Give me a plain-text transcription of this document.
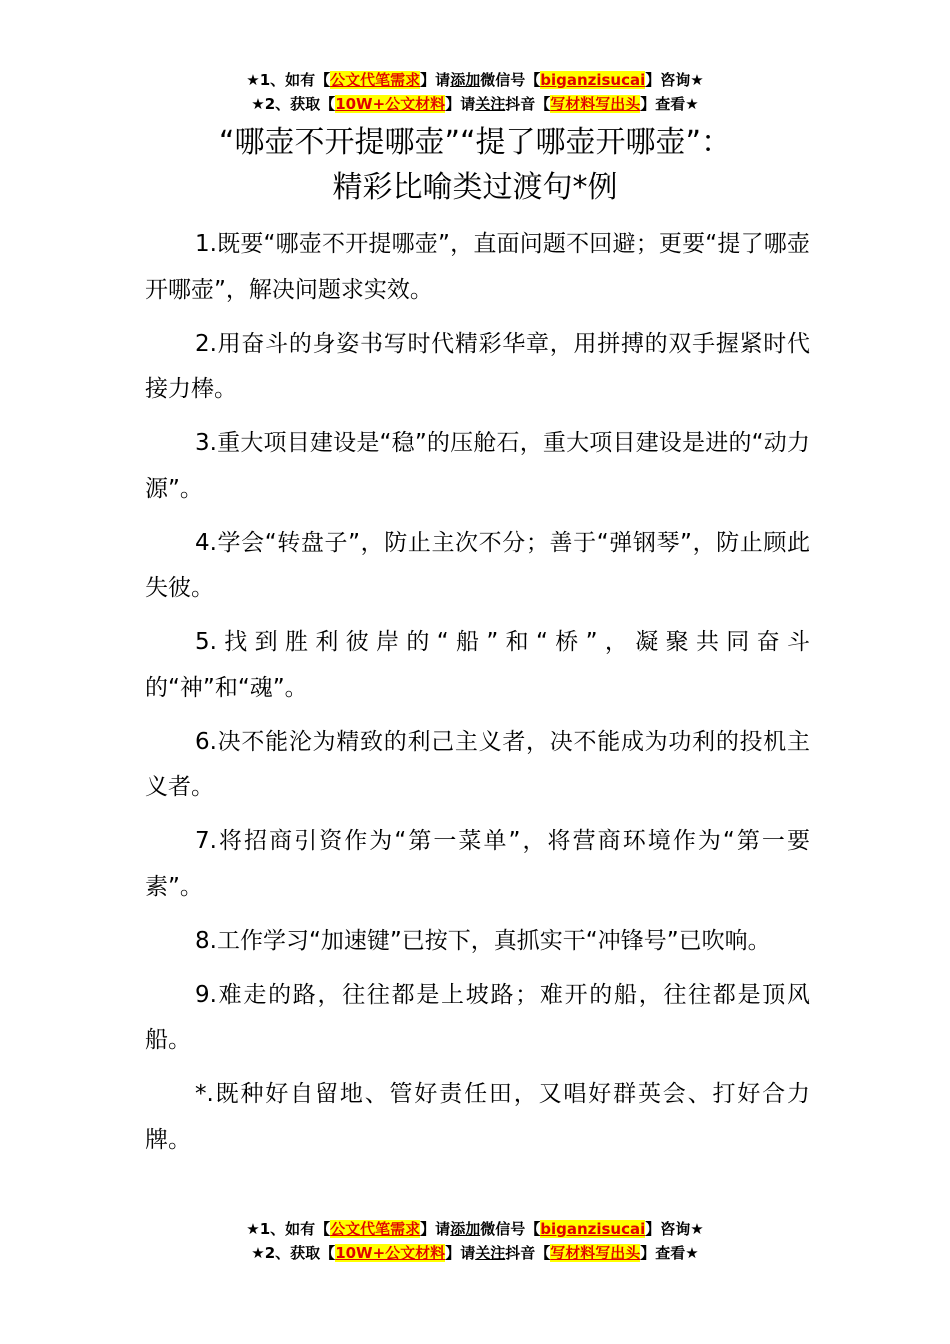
★1、如有【公文代笔需求】请添加微信号【biganzisucai】咨询★
★2、获取【10W+公文材料】请关注抖音【写材料写出头】查看★
“哪壶不开提哪壶”“提了哪壶开哪壶”：
精彩比喻类过渡句*例

1.既要“哪壶不开提哪壶”，直面问题不回避；更要“提了哪壶开哪壶”，解决问题求实效。

2.用奋斗的身姿书写时代精彩华章，用拼搏的双手握紧时代接力棒。

3.重大项目建设是“稳”的压舱石，重大项目建设是进的“动力源”。

4.学会“转盘子”，防止主次不分；善于“弹钢琴”，防止顾此失彼。

5.找到胜利彼岸的“船”和“桥”，凝聚共同奋斗的“神”和“魂”。

6.决不能沦为精致的利己主义者，决不能成为功利的投机主义者。

7.将招商引资作为“第一菜单”，将营商环境作为“第一要素”。

8.工作学习“加速键”已按下，真抓实干“冲锋号”已吹响。

9.难走的路，往往都是上坡路；难开的船，往往都是顶风船。

*.既种好自留地、管好责任田，又唱好群英会、打好合力牌。

★1、如有【公文代笔需求】请添加微信号【biganzisucai】咨询★
★2、获取【10W+公文材料】请关注抖音【写材料写出头】查看★
